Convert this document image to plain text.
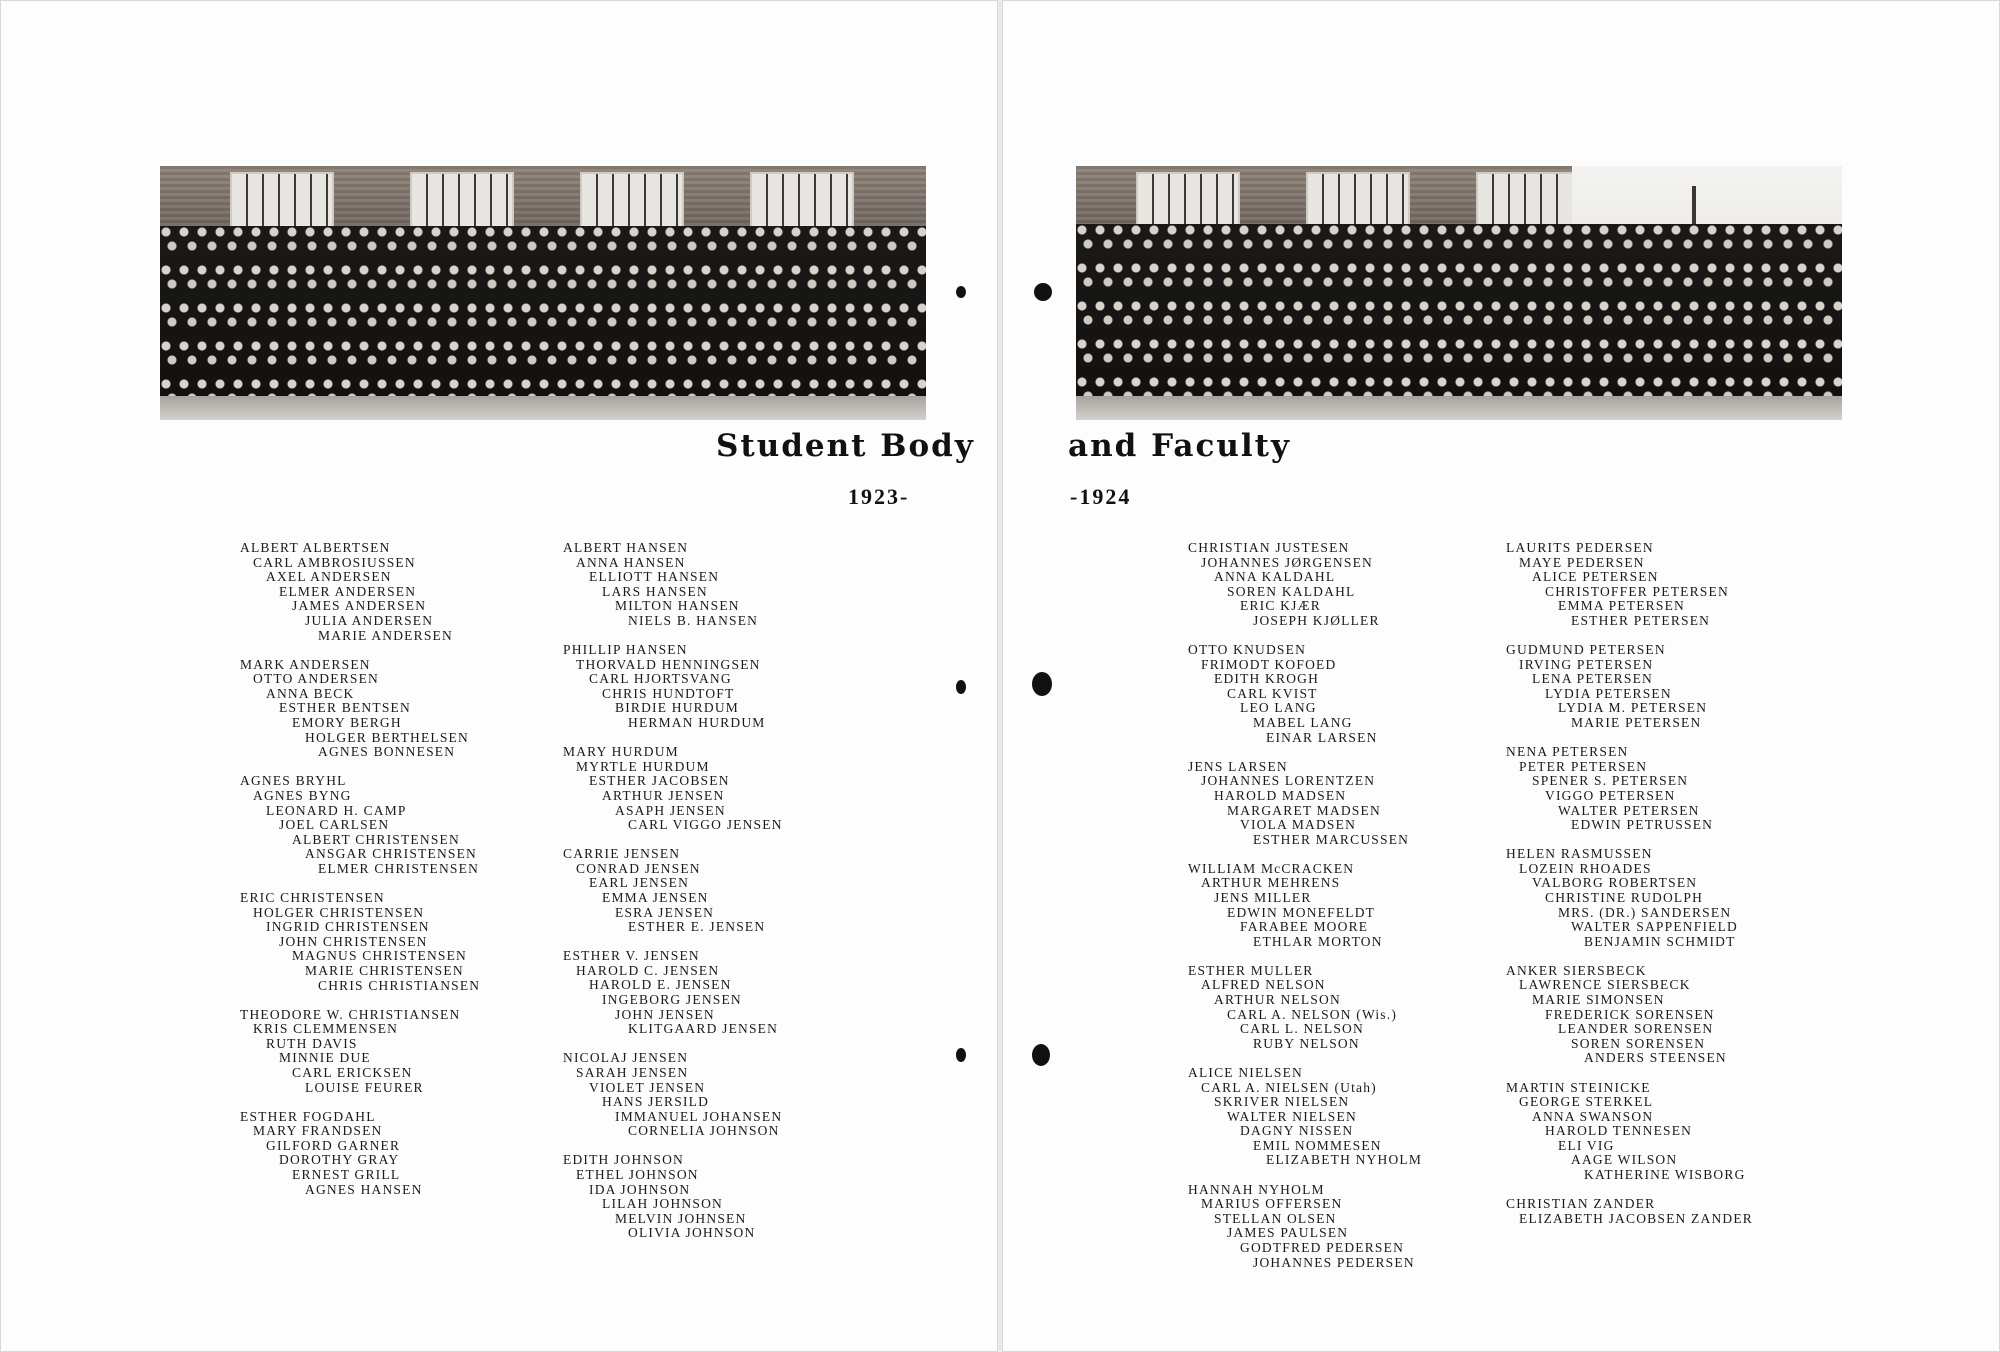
Student Body
1923-
ALBERT ALBERTSEN
CARL AMBROSIUSSEN
AXEL ANDERSEN
ELMER ANDERSEN
JAMES ANDERSEN
JULIA ANDERSEN
MARIE ANDERSEN
MARK ANDERSEN
OTTO ANDERSEN
ANNA BECK
ESTHER BENTSEN
EMORY BERGH
HOLGER BERTHELSEN
AGNES BONNESEN
AGNES BRYHL
AGNES BYNG
LEONARD H. CAMP
JOEL CARLSEN
ALBERT CHRISTENSEN
ANSGAR CHRISTENSEN
ELMER CHRISTENSEN
ERIC CHRISTENSEN
HOLGER CHRISTENSEN
INGRID CHRISTENSEN
JOHN CHRISTENSEN
MAGNUS CHRISTENSEN
MARIE CHRISTENSEN
CHRIS CHRISTIANSEN
THEODORE W. CHRISTIANSEN
KRIS CLEMMENSEN
RUTH DAVIS
MINNIE DUE
CARL ERICKSEN
LOUISE FEURER
ESTHER FOGDAHL
MARY FRANDSEN
GILFORD GARNER
DOROTHY GRAY
ERNEST GRILL
AGNES HANSEN
ALBERT HANSEN
ANNA HANSEN
ELLIOTT HANSEN
LARS HANSEN
MILTON HANSEN
NIELS B. HANSEN
PHILLIP HANSEN
THORVALD HENNINGSEN
CARL HJORTSVANG
CHRIS HUNDTOFT
BIRDIE HURDUM
HERMAN HURDUM
MARY HURDUM
MYRTLE HURDUM
ESTHER JACOBSEN
ARTHUR JENSEN
ASAPH JENSEN
CARL VIGGO JENSEN
CARRIE JENSEN
CONRAD JENSEN
EARL JENSEN
EMMA JENSEN
ESRA JENSEN
ESTHER E. JENSEN
ESTHER V. JENSEN
HAROLD C. JENSEN
HAROLD E. JENSEN
INGEBORG JENSEN
JOHN JENSEN
KLITGAARD JENSEN
NICOLAJ JENSEN
SARAH JENSEN
VIOLET JENSEN
HANS JERSILD
IMMANUEL JOHANSEN
CORNELIA JOHNSON
EDITH JOHNSON
ETHEL JOHNSON
IDA JOHNSON
LILAH JOHNSON
MELVIN JOHNSEN
OLIVIA JOHNSON
and Faculty
-1924
CHRISTIAN JUSTESEN
JOHANNES JØRGENSEN
ANNA KALDAHL
SOREN KALDAHL
ERIC KJÆR
JOSEPH KJØLLER
OTTO KNUDSEN
FRIMODT KOFOED
EDITH KROGH
CARL KVIST
LEO LANG
MABEL LANG
EINAR LARSEN
JENS LARSEN
JOHANNES LORENTZEN
HAROLD MADSEN
MARGARET MADSEN
VIOLA MADSEN
ESTHER MARCUSSEN
WILLIAM McCRACKEN
ARTHUR MEHRENS
JENS MILLER
EDWIN MONEFELDT
FARABEE MOORE
ETHLAR MORTON
ESTHER MULLER
ALFRED NELSON
ARTHUR NELSON
CARL A. NELSON (Wis.)
CARL L. NELSON
RUBY NELSON
ALICE NIELSEN
CARL A. NIELSEN (Utah)
SKRIVER NIELSEN
WALTER NIELSEN
DAGNY NISSEN
EMIL NOMMESEN
ELIZABETH NYHOLM
HANNAH NYHOLM
MARIUS OFFERSEN
STELLAN OLSEN
JAMES PAULSEN
GODTFRED PEDERSEN
JOHANNES PEDERSEN
LAURITS PEDERSEN
MAYE PEDERSEN
ALICE PETERSEN
CHRISTOFFER PETERSEN
EMMA PETERSEN
ESTHER PETERSEN
GUDMUND PETERSEN
IRVING PETERSEN
LENA PETERSEN
LYDIA PETERSEN
LYDIA M. PETERSEN
MARIE PETERSEN
NENA PETERSEN
PETER PETERSEN
SPENER S. PETERSEN
VIGGO PETERSEN
WALTER PETERSEN
EDWIN PETRUSSEN
HELEN RASMUSSEN
LOZEIN RHOADES
VALBORG ROBERTSEN
CHRISTINE RUDOLPH
MRS. (DR.) SANDERSEN
WALTER SAPPENFIELD
BENJAMIN SCHMIDT
ANKER SIERSBECK
LAWRENCE SIERSBECK
MARIE SIMONSEN
FREDERICK SORENSEN
LEANDER SORENSEN
SOREN SORENSEN
ANDERS STEENSEN
MARTIN STEINICKE
GEORGE STERKEL
ANNA SWANSON
HAROLD TENNESEN
ELI VIG
AAGE WILSON
KATHERINE WISBORG
CHRISTIAN ZANDER
ELIZABETH JACOBSEN ZANDER
